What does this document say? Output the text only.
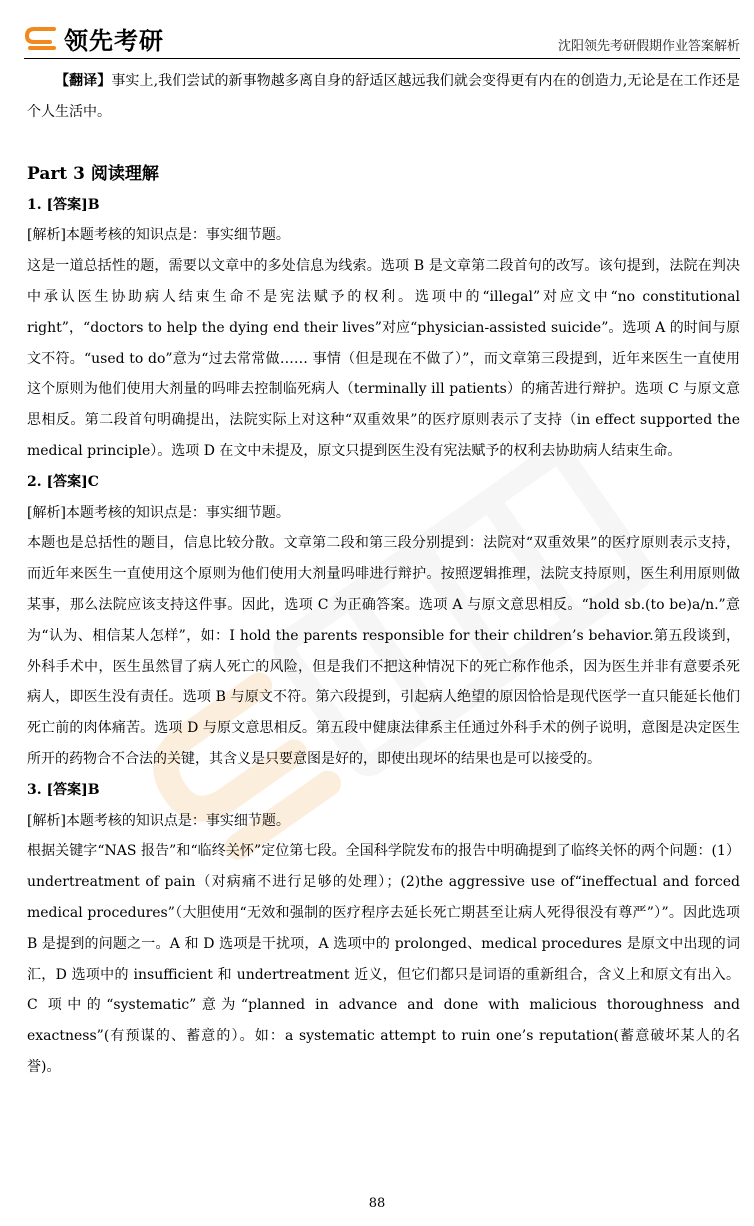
领先考研	沈阳领先考研假期作业答案解析

【翻译】事实上,我们尝试的新事物越多离自身的舒适区越远我们就会变得更有内在的创造力,无论是在工作还是个人生活中。

Part 3 阅读理解

1. [答案]B

[解析]本题考核的知识点是：事实细节题。

这是一道总括性的题，需要以文章中的多处信息为线索。选项 B 是文章第二段首句的改写。该句提到，法院在判决中承认医生协助病人结束生命不是宪法赋予的权利。选项中的“illegal”对应文中“no constitutional right”，“doctors to help the dying end their lives”对应“physician-assisted suicide”。选项 A 的时间与原文不符。“used to do”意为“过去常常做…… 事情（但是现在不做了）”，而文章第三段提到，近年来医生一直使用这个原则为他们使用大剂量的吗啡去控制临死病人（terminally ill patients）的痛苦进行辩护。选项 C 与原文意思相反。第二段首句明确提出，法院实际上对这种“双重效果”的医疗原则表示了支持（in effect supported the medical principle）。选项 D 在文中未提及，原文只提到医生没有宪法赋予的权利去协助病人结束生命。

2. [答案]C

[解析]本题考核的知识点是：事实细节题。

本题也是总括性的题目，信息比较分散。文章第二段和第三段分别提到：法院对“双重效果”的医疗原则表示支持，而近年来医生一直使用这个原则为他们使用大剂量吗啡进行辩护。按照逻辑推理，法院支持原则，医生利用原则做某事，那么法院应该支持这件事。因此，选项 C 为正确答案。选项 A 与原文意思相反。“hold sb.(to be)a/n.”意为“认为、相信某人怎样”，如：I hold the parents responsible for their children’s behavior.第五段谈到，外科手术中，医生虽然冒了病人死亡的风险，但是我们不把这种情况下的死亡称作他杀，因为医生并非有意要杀死病人，即医生没有责任。选项 B 与原文不符。第六段提到，引起病人绝望的原因恰恰是现代医学一直只能延长他们死亡前的肉体痛苦。选项 D 与原文意思相反。第五段中健康法律系主任通过外科手术的例子说明，意图是决定医生所开的药物合不合法的关键，其含义是只要意图是好的，即使出现坏的结果也是可以接受的。

3. [答案]B

[解析]本题考核的知识点是：事实细节题。

根据关键字“NAS 报告”和“临终关怀”定位第七段。全国科学院发布的报告中明确提到了临终关怀的两个问题：(1）undertreatment of pain（对病痛不进行足够的处理）；(2)the aggressive use of“ineffectual and forced medical procedures”（大胆使用“无效和强制的医疗程序去延长死亡期甚至让病人死得很没有尊严”）”。因此选项 B 是提到的问题之一。A 和 D 选项是干扰项，A 选项中的 prolonged、medical procedures 是原文中出现的词汇，D 选项中的 insufficient 和 undertreatment 近义，但它们都只是词语的重新组合，含义上和原文有出入。 C 项中的“systematic”意为“planned in advance and done with malicious thoroughness and exactness”(有预谋的、蓄意的）。如：a systematic attempt to ruin one’s reputation(蓄意破坏某人的名誉)。

88
